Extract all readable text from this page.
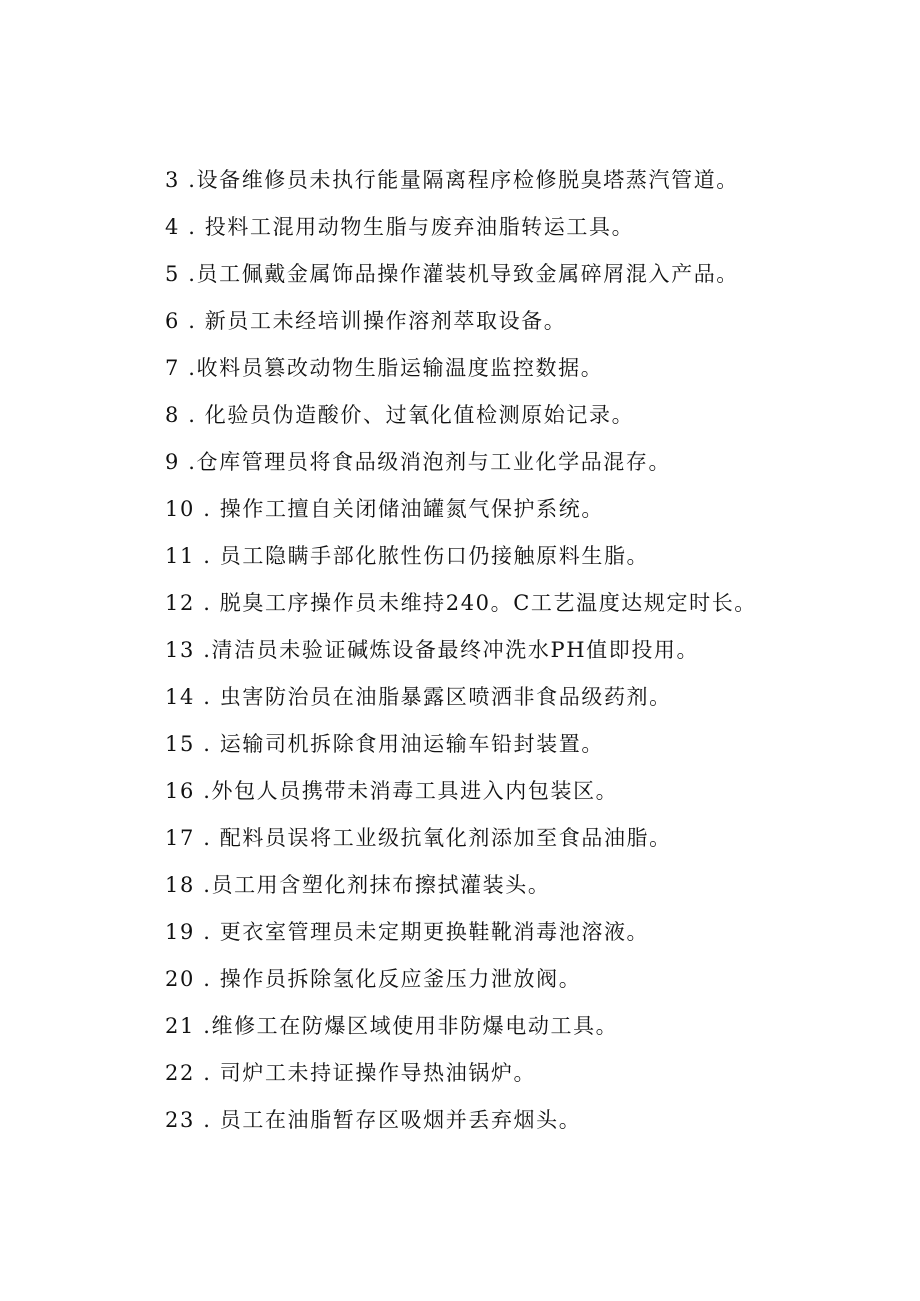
3 .设备维修员未执行能量隔离程序检修脱臭塔蒸汽管道。
4 . 投料工混用动物生脂与废弃油脂转运工具。
5 .员工佩戴金属饰品操作灌装机导致金属碎屑混入产品。
6 . 新员工未经培训操作溶剂萃取设备。
7 .收料员篡改动物生脂运输温度监控数据。
8 . 化验员伪造酸价、过氧化值检测原始记录。
9 .仓库管理员将食品级消泡剂与工业化学品混存。
10 . 操作工擅自关闭储油罐氮气保护系统。
11 . 员工隐瞒手部化脓性伤口仍接触原料生脂。
12 . 脱臭工序操作员未维持240。C工艺温度达规定时长。
13 .清洁员未验证碱炼设备最终冲洗水PH值即投用。
14 . 虫害防治员在油脂暴露区喷洒非食品级药剂。
15 . 运输司机拆除食用油运输车铅封装置。
16 .外包人员携带未消毒工具进入内包装区。
17 . 配料员误将工业级抗氧化剂添加至食品油脂。
18 .员工用含塑化剂抹布擦拭灌装头。
19 . 更衣室管理员未定期更换鞋靴消毒池溶液。
20 . 操作员拆除氢化反应釜压力泄放阀。
21 .维修工在防爆区域使用非防爆电动工具。
22 . 司炉工未持证操作导热油锅炉。
23 . 员工在油脂暂存区吸烟并丢弃烟头。
